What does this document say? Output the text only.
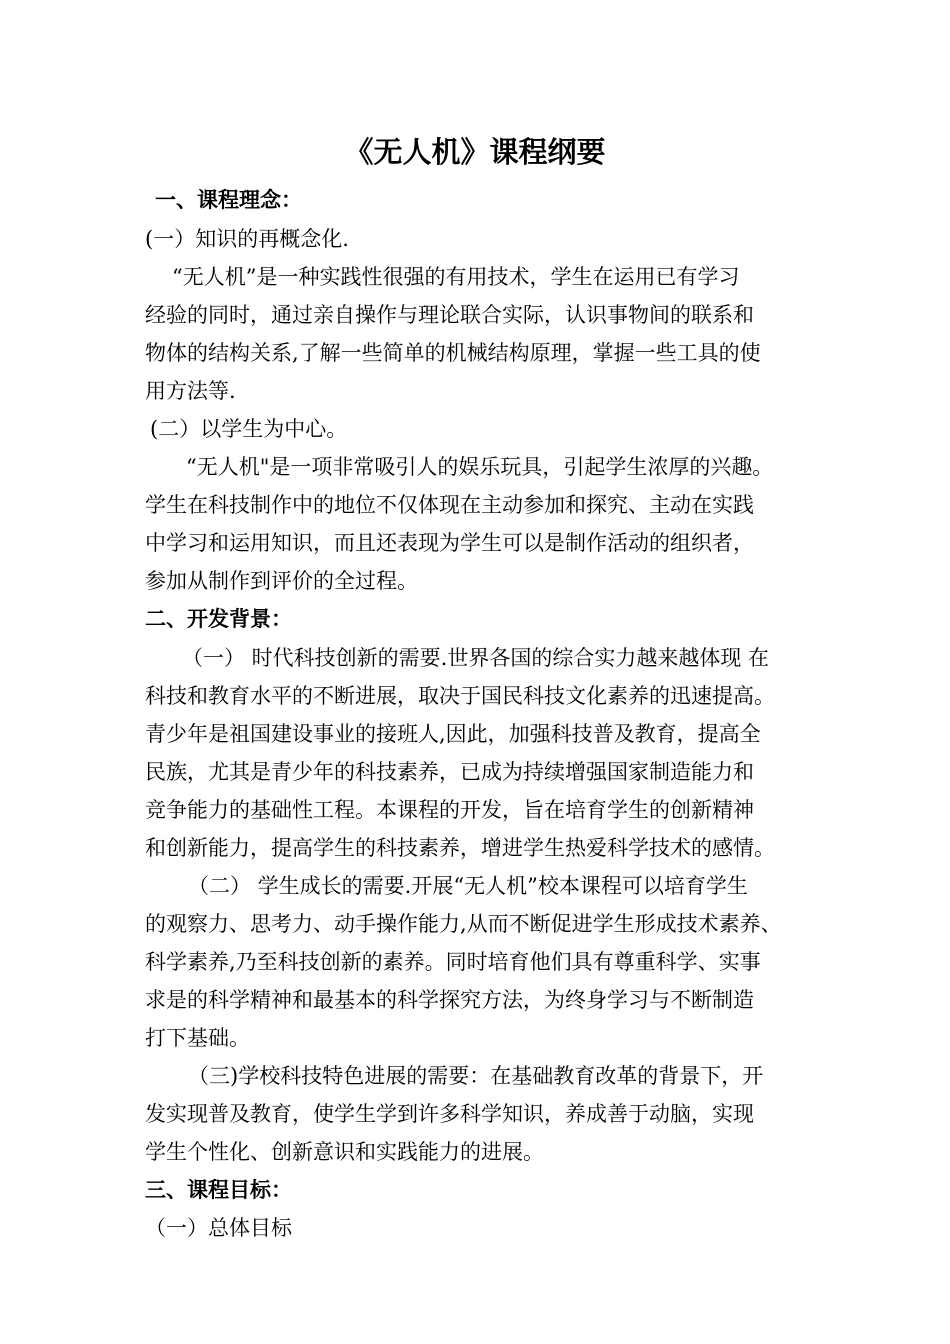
《无人机》课程纲要
一、课程理念：
(一）知识的再概念化.
“无人机”是一种实践性很强的有用技术，学生在运用已有学习
经验的同时，通过亲自操作与理论联合实际，认识事物间的联系和
物体的结构关系,了解一些简单的机械结构原理，掌握一些工具的使
用方法等.
(二）以学生为中心。
“无人机"是一项非常吸引人的娱乐玩具，引起学生浓厚的兴趣。
学生在科技制作中的地位不仅体现在主动参加和探究、主动在实践
中学习和运用知识，而且还表现为学生可以是制作活动的组织者，
参加从制作到评价的全过程。
二、开发背景：
（一） 时代科技创新的需要.世界各国的综合实力越来越体现 在
科技和教育水平的不断进展，取决于国民科技文化素养的迅速提高。
青少年是祖国建设事业的接班人,因此，加强科技普及教育，提高全
民族，尤其是青少年的科技素养，已成为持续增强国家制造能力和
竞争能力的基础性工程。本课程的开发，旨在培育学生的创新精神
和创新能力，提高学生的科技素养，增进学生热爱科学技术的感情。
（二） 学生成长的需要.开展“无人机”校本课程可以培育学生
的观察力、思考力、动手操作能力,从而不断促进学生形成技术素养、
科学素养,乃至科技创新的素养。同时培育他们具有尊重科学、实事
求是的科学精神和最基本的科学探究方法，为终身学习与不断制造
打下基础。
（三)学校科技特色进展的需要：在基础教育改革的背景下，开
发实现普及教育，使学生学到许多科学知识，养成善于动脑，实现
学生个性化、创新意识和实践能力的进展。
三、课程目标：
（一）总体目标
